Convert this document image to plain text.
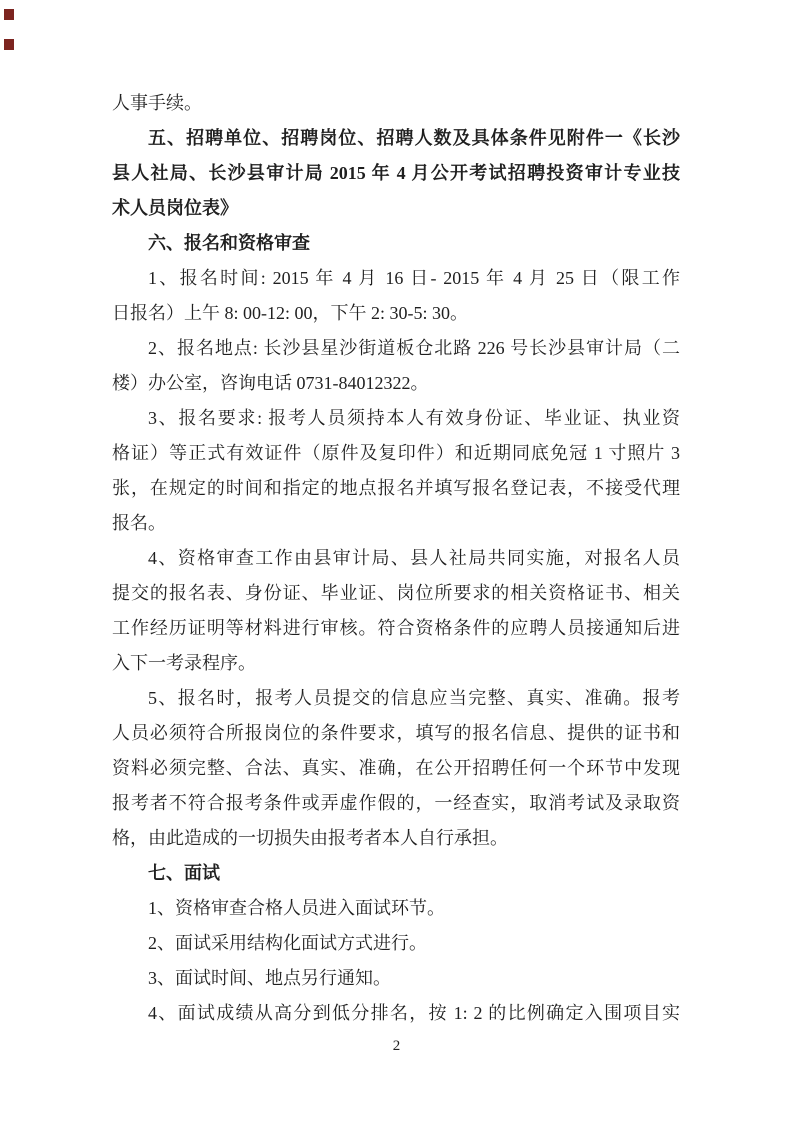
人事手续。
五、招聘单位、招聘岗位、招聘人数及具体条件见附件一《长沙
县人社局、长沙县审计局 2015 年 4 月公开考试招聘投资审计专业技
术人员岗位表》
六、报名和资格审查
1、报名时间: 2015 年 4 月 16 日- 2015 年 4 月 25 日（限工作
日报名）上午 8: 00-12: 00，下午 2: 30-5: 30。
2、报名地点: 长沙县星沙街道板仓北路 226 号长沙县审计局（二
楼）办公室，咨询电话 0731-84012322。
3、报名要求: 报考人员须持本人有效身份证、毕业证、执业资
格证）等正式有效证件（原件及复印件）和近期同底免冠 1 寸照片 3
张，在规定的时间和指定的地点报名并填写报名登记表，不接受代理
报名。
4、资格审查工作由县审计局、县人社局共同实施，对报名人员
提交的报名表、身份证、毕业证、岗位所要求的相关资格证书、相关
工作经历证明等材料进行审核。符合资格条件的应聘人员接通知后进
入下一考录程序。
5、报名时，报考人员提交的信息应当完整、真实、准确。报考
人员必须符合所报岗位的条件要求，填写的报名信息、提供的证书和
资料必须完整、合法、真实、准确，在公开招聘任何一个环节中发现
报考者不符合报考条件或弄虚作假的，一经查实，取消考试及录取资
格，由此造成的一切损失由报考者本人自行承担。
七、面试
1、资格审查合格人员进入面试环节。
2、面试采用结构化面试方式进行。
3、面试时间、地点另行通知。
4、面试成绩从高分到低分排名，按 1: 2 的比例确定入围项目实
2
